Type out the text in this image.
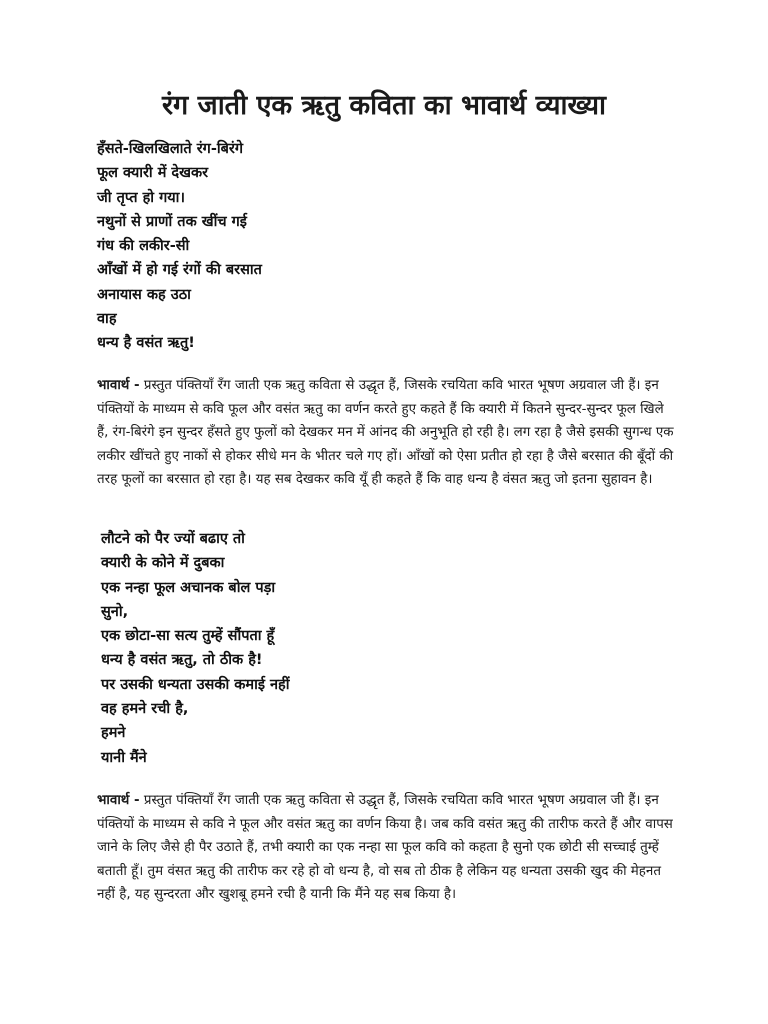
रंग जाती एक ऋतु कविता का भावार्थ व्याख्या
हँसते-खिलखिलाते रंग-बिरंगे
फूल क्यारी में देखकर
जी तृप्त हो गया।
नथुनों से प्राणों तक खींच गई
गंध की लकीर-सी
आँखों में हो गई रंगों की बरसात
अनायास कह उठा
वाह
धन्य है वसंत ऋतु!

भावार्थ - प्रस्तुत पंक्तियाँ रँग जाती एक ऋतु कविता से उद्धृत हैं, जिसके रचयिता कवि भारत भूषण अग्रवाल जी हैं। इन पंक्तियों के माध्यम से कवि फूल और वसंत ऋतु का वर्णन करते हुए कहते हैं कि क्यारी में कितने सुन्दर-सुन्दर फूल खिले हैं, रंग-बिरंगे इन सुन्दर हँसते हुए फुलों को देखकर मन में आंनद की अनुभूति हो रही है। लग रहा है जैसे इसकी सुगन्ध एक लकीर खींचते हुए नाकों से होकर सीधे मन के भीतर चले गए हों। आँखों को ऐसा प्रतीत हो रहा है जैसे बरसात की बूँदों की तरह फूलों का बरसात हो रहा है। यह सब देखकर कवि यूँ ही कहते हैं कि वाह धन्य है वंसत ऋतु जो इतना सुहावन है।

लौटने को पैर ज्यों बढाए तो
क्यारी के कोने में दुबका
एक नन्हा फूल अचानक बोल पड़ा
सुनो,
एक छोटा-सा सत्य तुम्हें सौंपता हूँ
धन्य है वसंत ऋतु, तो ठीक है!
पर उसकी धन्यता उसकी कमाई नहीं
वह हमने रची है,
हमने
यानी मैंने

भावार्थ - प्रस्तुत पंक्तियाँ रँग जाती एक ऋतु कविता से उद्धृत हैं, जिसके रचयिता कवि भारत भूषण अग्रवाल जी हैं। इन पंक्तियों के माध्यम से कवि ने फूल और वसंत ऋतु का वर्णन किया है। जब कवि वसंत ऋतु की तारीफ करते हैं और वापस जाने के लिए जैसे ही पैर उठाते हैं, तभी क्यारी का एक नन्हा सा फूल कवि को कहता है सुनो एक छोटी सी सच्चाई तुम्हें बताती हूँ। तुम वंसत ऋतु की तारीफ कर रहे हो वो धन्य है, वो सब तो ठीक है लेकिन यह धन्यता उसकी खुद की मेहनत नहीं है, यह सुन्दरता और खुशबू हमने रची है यानी कि मैंने यह सब किया है।
